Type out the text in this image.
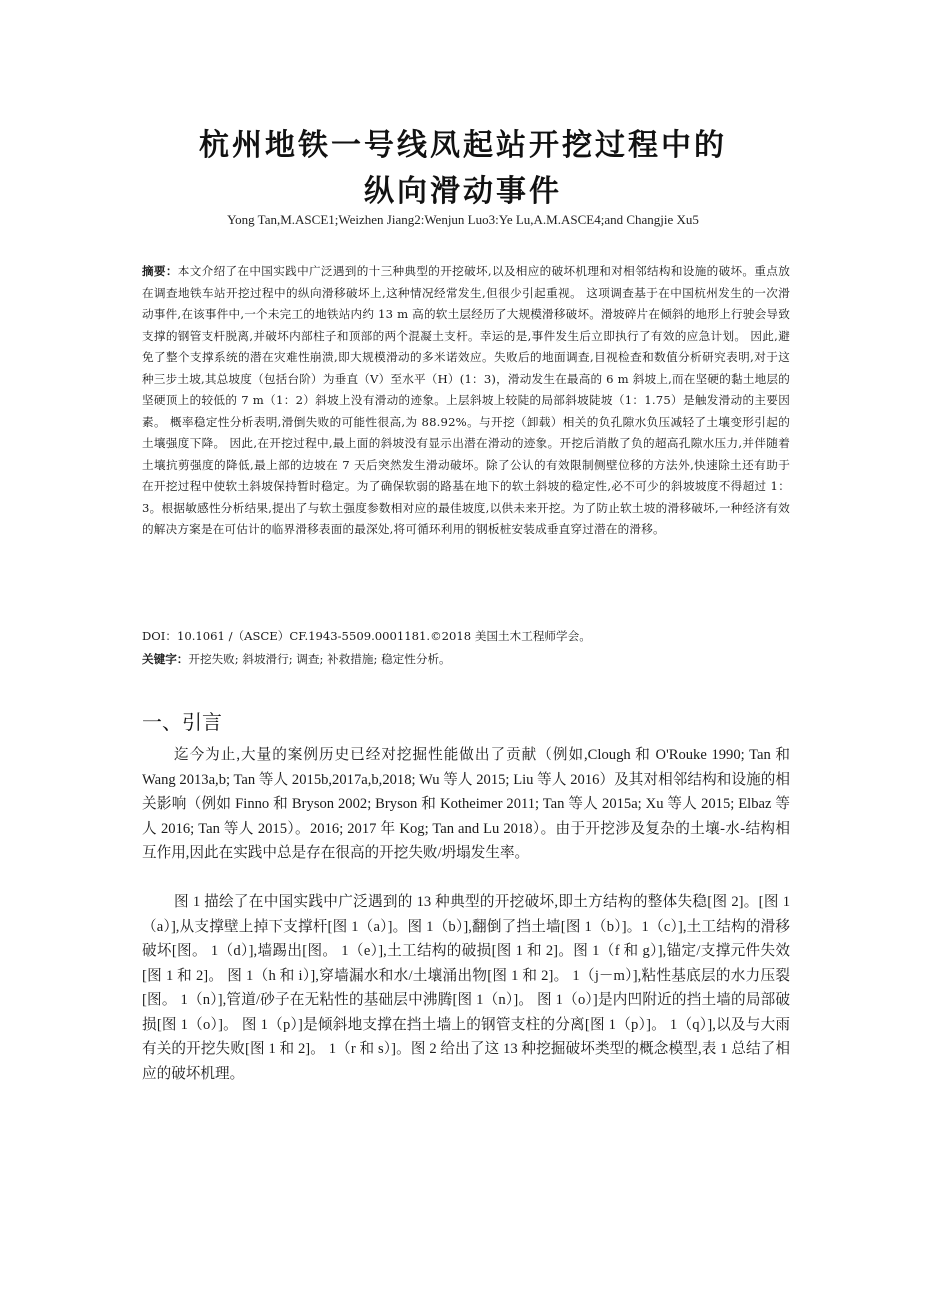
杭州地铁一号线凤起站开挖过程中的
纵向滑动事件
Yong Tan,M.ASCE1;Weizhen Jiang2:Wenjun Luo3:Ye Lu,A.M.ASCE4;and Changjie Xu5
摘要：本文介绍了在中国实践中广泛遇到的十三种典型的开挖破坏,以及相应的破坏机理和对相邻结构和设施的破坏。重点放在调查地铁车站开挖过程中的纵向滑移破坏上,这种情况经常发生,但很少引起重视。 这项调查基于在中国杭州发生的一次滑动事件,在该事件中,一个未完工的地铁站内约 13 m 高的软土层经历了大规模滑移破坏。滑坡碎片在倾斜的地形上行驶会导致支撑的钢管支杆脱离,并破坏内部柱子和顶部的两个混凝土支杆。幸运的是,事件发生后立即执行了有效的应急计划。 因此,避免了整个支撑系统的潜在灾难性崩溃,即大规模滑动的多米诺效应。失败后的地面调查,目视检查和数值分析研究表明,对于这种三步土坡,其总坡度（包括台阶）为垂直（V）至水平（H）(1：3)，滑动发生在最高的 6 m 斜坡上,而在坚硬的黏土地层的坚硬顶上的较低的 7 m（1：2）斜坡上没有滑动的迹象。上层斜坡上较陡的局部斜坡陡坡（1：1.75）是触发滑动的主要因素。 概率稳定性分析表明,滑倒失败的可能性很高,为 88.92%。与开挖（卸载）相关的负孔隙水负压减轻了土壤变形引起的土壤强度下降。 因此,在开挖过程中,最上面的斜坡没有显示出潜在滑动的迹象。开挖后消散了负的超高孔隙水压力,并伴随着土壤抗剪强度的降低,最上部的边坡在 7 天后突然发生滑动破坏。除了公认的有效限制侧壁位移的方法外,快速除土还有助于在开挖过程中使软土斜坡保持暂时稳定。为了确保软弱的路基在地下的软土斜坡的稳定性,必不可少的斜坡坡度不得超过 1：3。根据敏感性分析结果,提出了与软土强度参数相对应的最佳坡度,以供未来开挖。为了防止软土坡的滑移破坏,一种经济有效的解决方案是在可估计的临界滑移表面的最深处,将可循环利用的钢板桩安装成垂直穿过潜在的滑移。
DOI：10.1061 /（ASCE）CF.1943-5509.0001181.©2018 美国土木工程师学会。
关键字：开挖失败; 斜坡滑行; 调查; 补救措施; 稳定性分析。
一、引言

迄今为止,大量的案例历史已经对挖掘性能做出了贡献（例如,Clough 和 O'Rouke 1990; Tan 和 Wang 2013a,b; Tan 等人 2015b,2017a,b,2018; Wu 等人 2015; Liu 等人 2016）及其对相邻结构和设施的相关影响（例如 Finno 和 Bryson 2002; Bryson 和 Kotheimer 2011; Tan 等人 2015a; Xu 等人 2015; Elbaz 等人 2016; Tan 等人 2015）。2016; 2017 年 Kog; Tan and Lu 2018）。由于开挖涉及复杂的土壤-水-结构相互作用,因此在实践中总是存在很高的开挖失败/坍塌发生率。

图 1 描绘了在中国实践中广泛遇到的 13 种典型的开挖破坏,即土方结构的整体失稳[图 2]。[图 1（a）],从支撑壁上掉下支撑杆[图 1（a）]。图 1（b）],翻倒了挡土墙[图 1（b）]。1（c）],土工结构的滑移破坏[图。 1（d）],墙踢出[图。 1（e）],土工结构的破损[图 1 和 2]。图 1（f 和 g）],锚定/支撑元件失效[图 1 和 2]。 图 1（h 和 i）],穿墙漏水和水/土壤涌出物[图 1 和 2]。 1（j－m）],粘性基底层的水力压裂[图。 1（n）],管道/砂子在无粘性的基础层中沸腾[图 1（n）]。 图 1（o）]是内凹附近的挡土墙的局部破损[图 1（o）]。 图 1（p）]是倾斜地支撑在挡土墙上的钢管支柱的分离[图 1（p）]。 1（q）],以及与大雨有关的开挖失败[图 1 和 2]。 1（r 和 s）]。图 2 给出了这 13 种挖掘破坏类型的概念模型,表 1 总结了相应的破坏机理。
